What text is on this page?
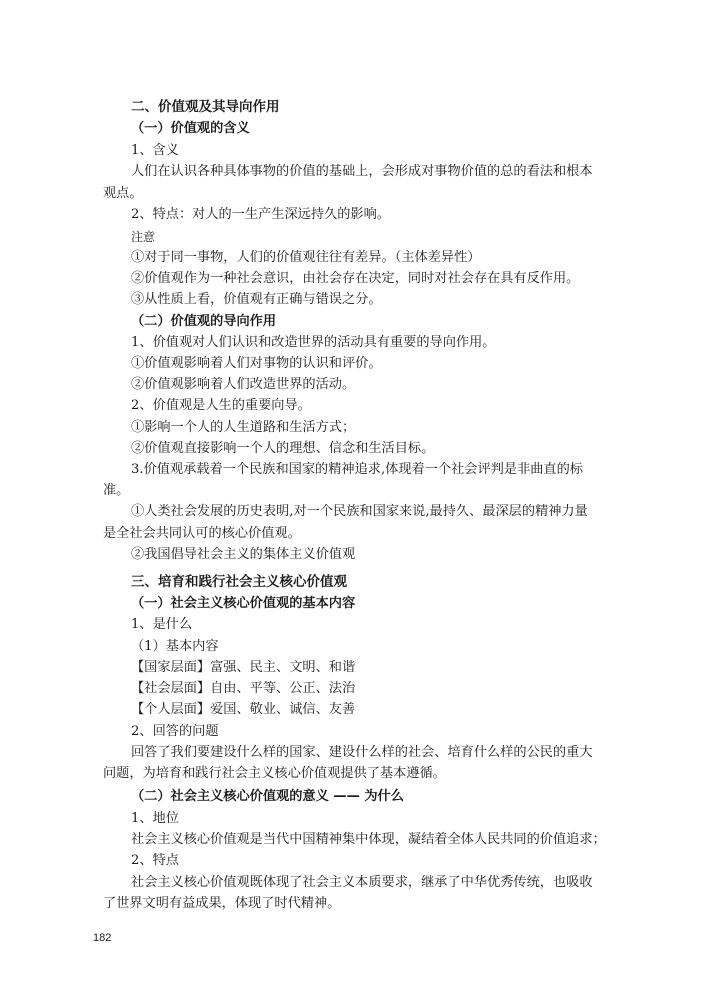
二、价值观及其导向作用
（一）价值观的含义
1、含义
人们在认识各种具体事物的价值的基础上，会形成对事物价值的总的看法和根本
观点。
2、特点：对人的一生产生深远持久的影响。
注意
①对于同一事物，人们的价值观往往有差异。（主体差异性）
②价值观作为一种社会意识，由社会存在决定，同时对社会存在具有反作用。
③从性质上看，价值观有正确与错误之分。
（二）价值观的导向作用
1、价值观对人们认识和改造世界的活动具有重要的导向作用。
①价值观影响着人们对事物的认识和评价。
②价值观影响着人们改造世界的活动。
2、价值观是人生的重要向导。
①影响一个人的人生道路和生活方式；
②价值观直接影响一个人的理想、信念和生活目标。
3.价值观承载着一个民族和国家的精神追求,体现着一个社会评判是非曲直的标
准。
①人类社会发展的历史表明,对一个民族和国家来说,最持久、最深层的精神力量
是全社会共同认可的核心价值观。
②我国倡导社会主义的集体主义价值观
三、培育和践行社会主义核心价值观
（一）社会主义核心价值观的基本内容
1、是什么
（1）基本内容
【国家层面】富强、民主、文明、和谐
【社会层面】自由、平等、公正、法治
【个人层面】爱国、敬业、诚信、友善
2、回答的问题
回答了我们要建设什么样的国家、建设什么样的社会、培育什么样的公民的重大
问题，为培育和践行社会主义核心价值观提供了基本遵循。
（二）社会主义核心价值观的意义 —— 为什么
1、地位
社会主义核心价值观是当代中国精神集中体现，凝结着全体人民共同的价值追求；
2、特点
社会主义核心价值观既体现了社会主义本质要求，继承了中华优秀传统，也吸收
了世界文明有益成果，体现了时代精神。
182
